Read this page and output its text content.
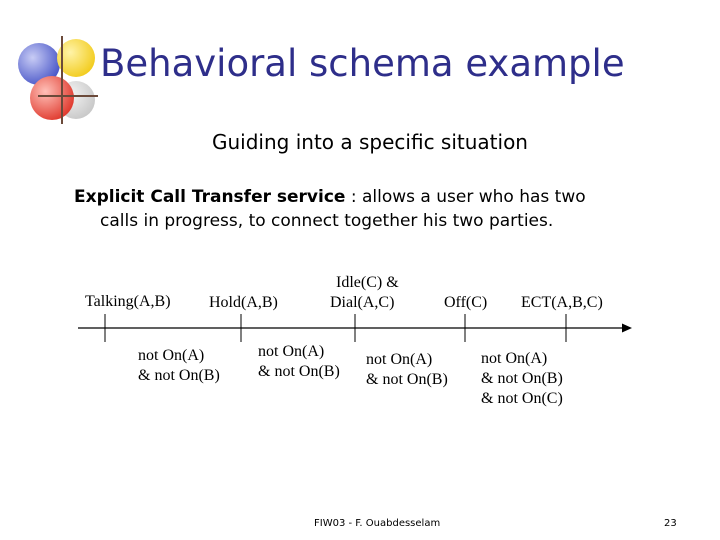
Behavioral schema example
Guiding into a specific situation
Explicit Call Transfer service : allows a user who has two
calls in progress, to connect together his two parties.
Talking(A,B) Hold(A,B)
Idle(C) &
Dial(A,C)	Off(C) ECT(A,B,C)
not On(A)
& not On(B)
not On(A)
& not On(B)
not On(A)
& not On(B)
not On(A)
& not On(B)
& not On(C)
FIW03 - F. Ouabdesselam	23
